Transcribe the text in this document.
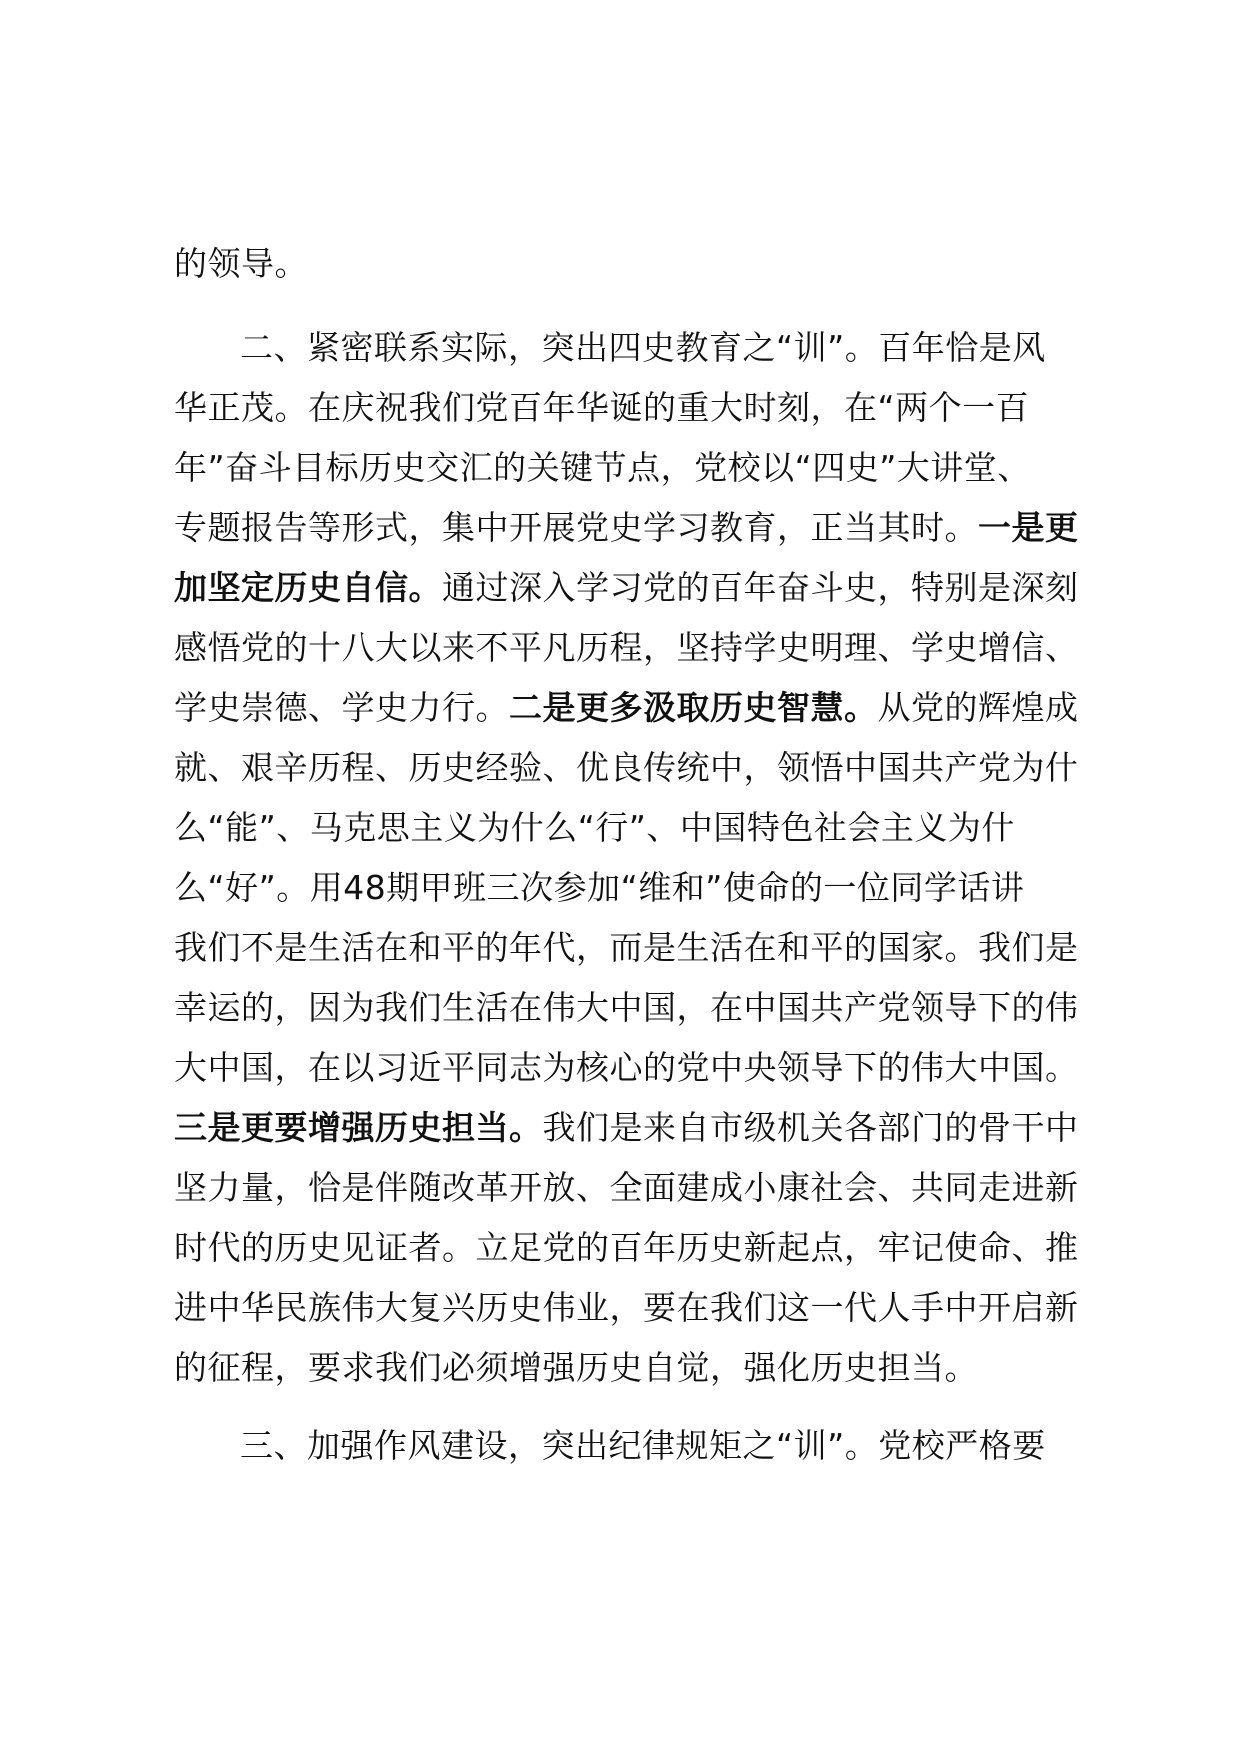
的领导。
二、紧密联系实际，突出四史教育之“训”。百年恰是风
华正茂。在庆祝我们党百年华诞的重大时刻，在“两个一百
年”奋斗目标历史交汇的关键节点，党校以“四史”大讲堂、
专题报告等形式，集中开展党史学习教育，正当其时。一是更
加坚定历史自信。通过深入学习党的百年奋斗史，特别是深刻
感悟党的十八大以来不平凡历程，坚持学史明理、学史增信、
学史崇德、学史力行。二是更多汲取历史智慧。从党的辉煌成
就、艰辛历程、历史经验、优良传统中，领悟中国共产党为什
么“能”、马克思主义为什么“行”、中国特色社会主义为什
么“好”。用48期甲班三次参加“维和”使命的一位同学话讲
我们不是生活在和平的年代，而是生活在和平的国家。我们是
幸运的，因为我们生活在伟大中国，在中国共产党领导下的伟
大中国，在以习近平同志为核心的党中央领导下的伟大中国。
三是更要增强历史担当。我们是来自市级机关各部门的骨干中
坚力量，恰是伴随改革开放、全面建成小康社会、共同走进新
时代的历史见证者。立足党的百年历史新起点，牢记使命、推
进中华民族伟大复兴历史伟业，要在我们这一代人手中开启新
的征程，要求我们必须增强历史自觉，强化历史担当。
三、加强作风建设，突出纪律规矩之“训”。党校严格要
